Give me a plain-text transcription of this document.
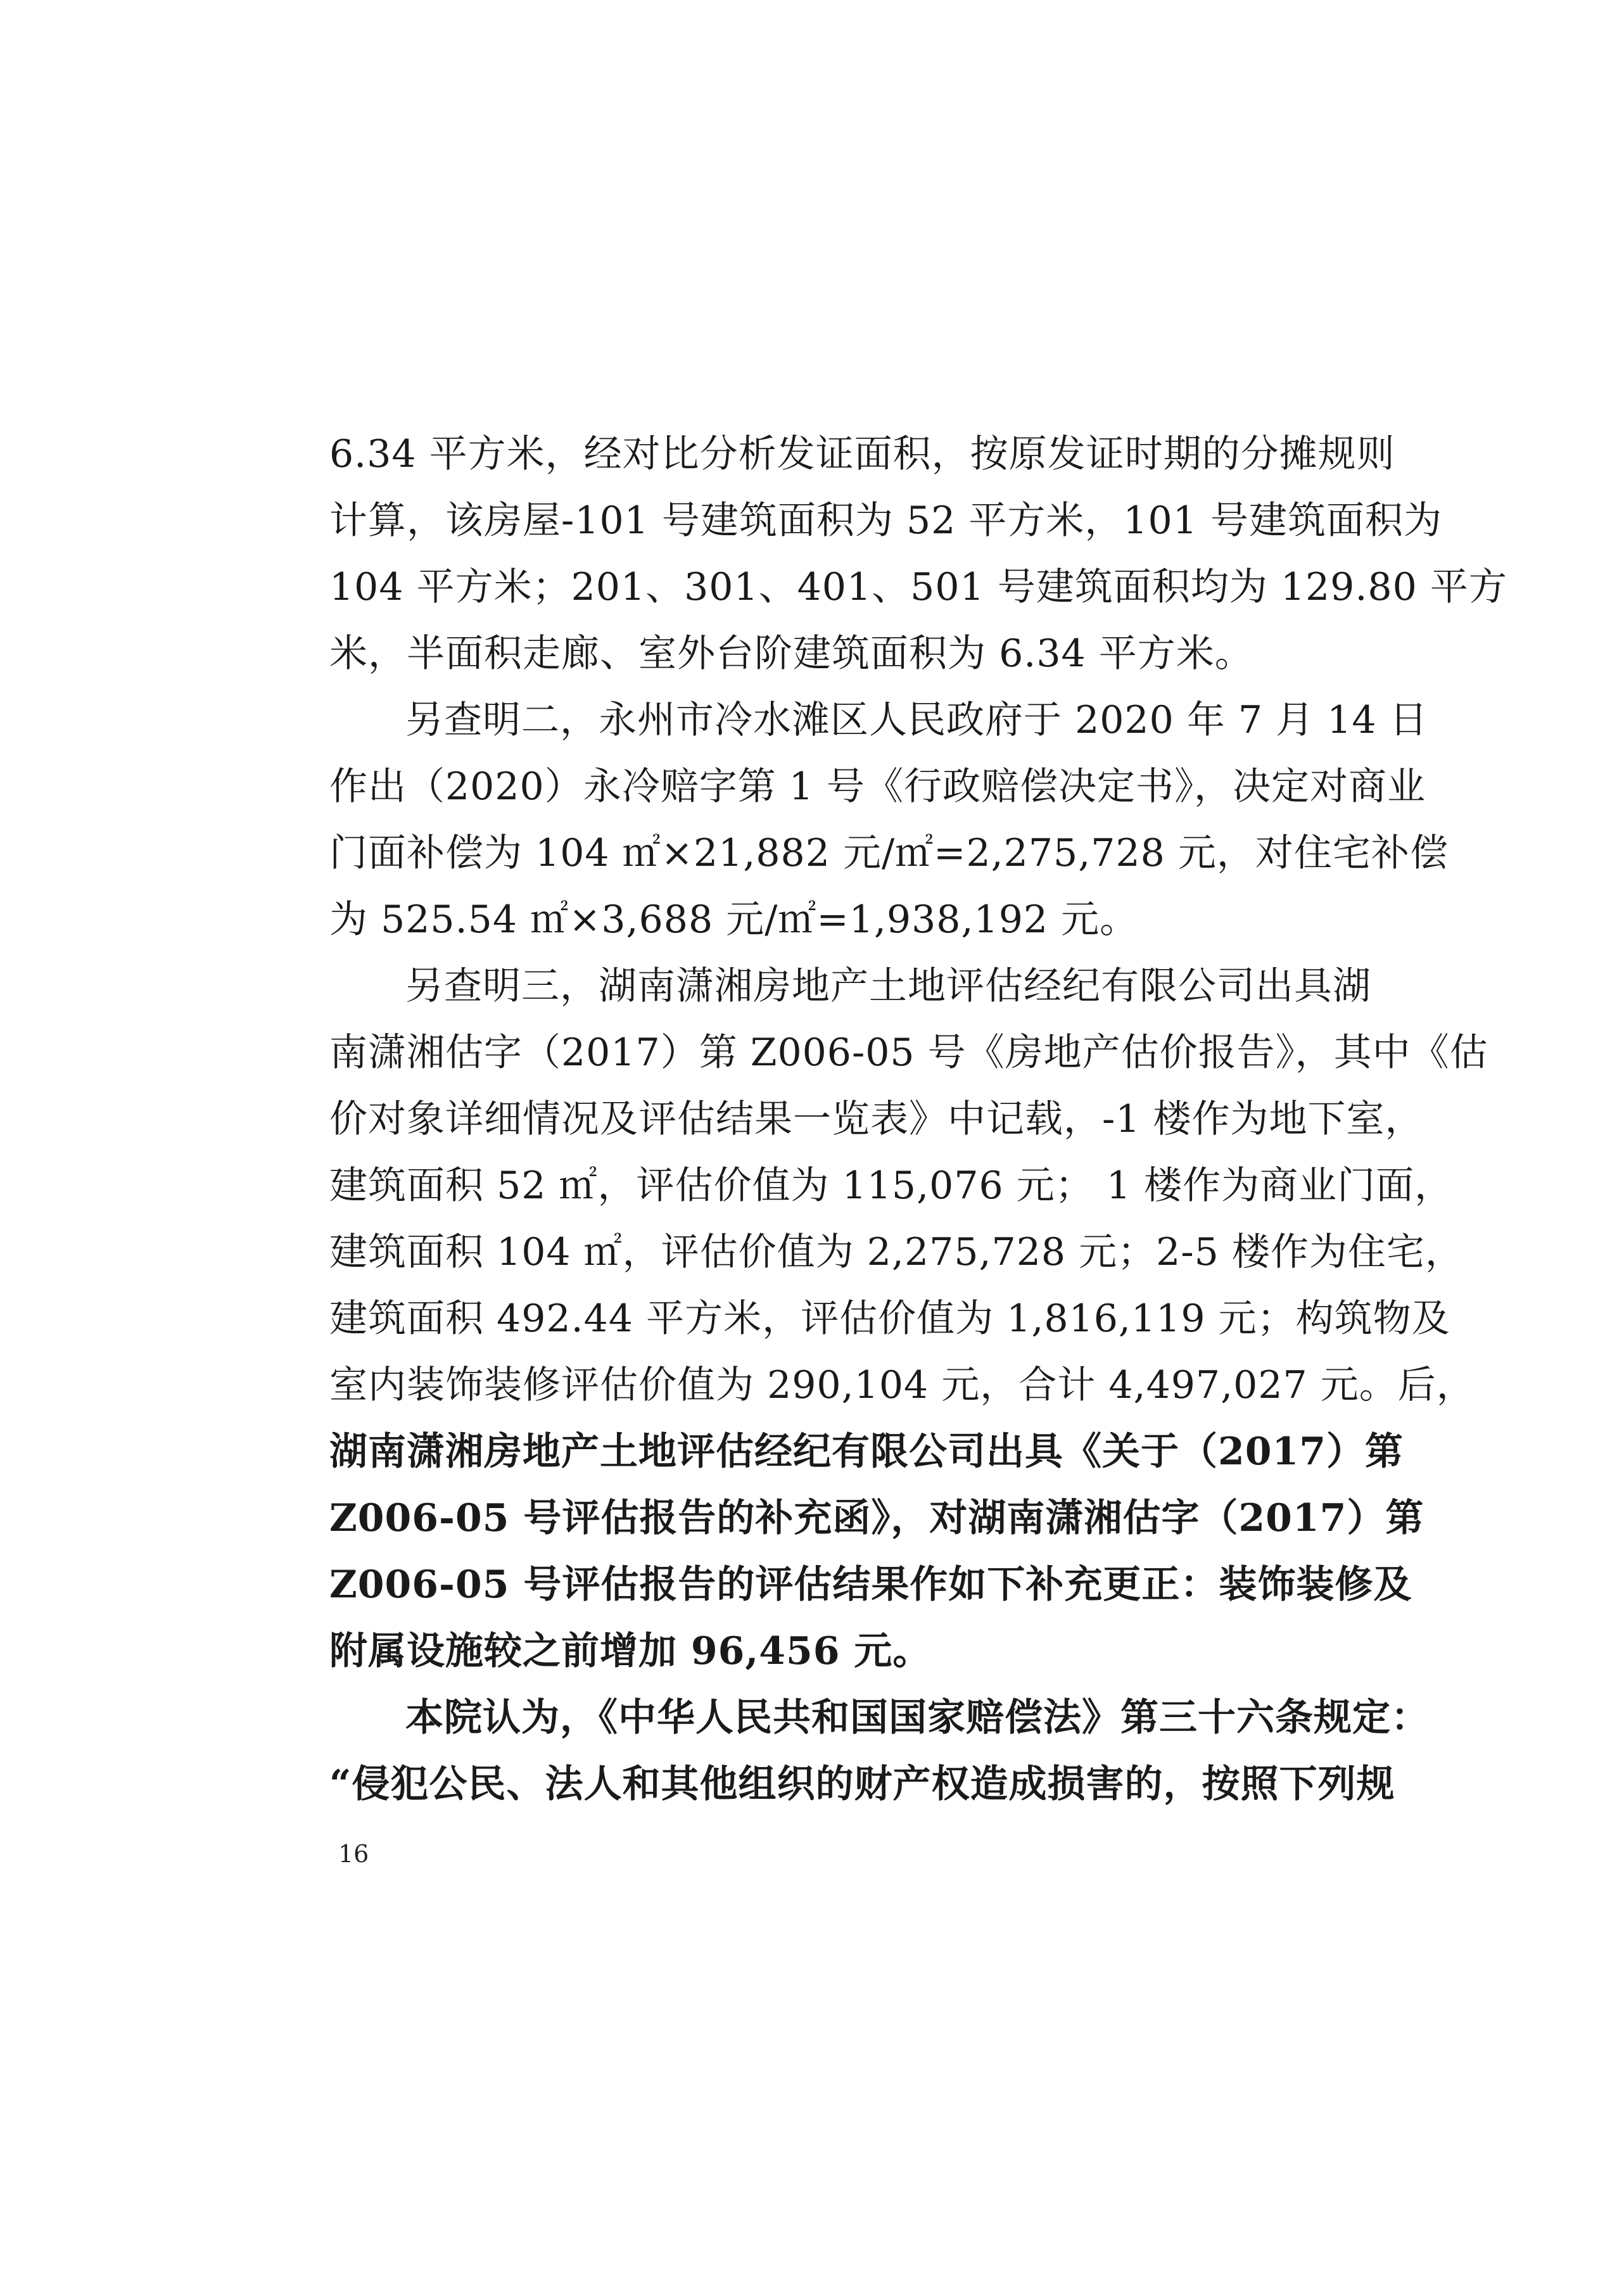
6.34 平方米，经对比分析发证面积，按原发证时期的分摊规则
计算，该房屋-101 号建筑面积为 52 平方米，101 号建筑面积为
104 平方米；201、301、401、501 号建筑面积均为 129.80 平方
米，半面积走廊、室外台阶建筑面积为 6.34 平方米。
另查明二，永州市冷水滩区人民政府于 2020 年 7 月 14 日
作出（2020）永冷赔字第 1 号《行政赔偿决定书》，决定对商业
门面补偿为 104 ㎡×21,882 元/㎡=2,275,728 元，对住宅补偿
为 525.54 ㎡×3,688 元/㎡=1,938,192 元。
另查明三，湖南潇湘房地产土地评估经纪有限公司出具湖
南潇湘估字（2017）第 Z006-05 号《房地产估价报告》，其中《估
价对象详细情况及评估结果一览表》中记载，-1 楼作为地下室，
建筑面积 52 ㎡，评估价值为 115,076 元； 1 楼作为商业门面，
建筑面积 104 ㎡，评估价值为 2,275,728 元；2-5 楼作为住宅，
建筑面积 492.44 平方米，评估价值为 1,816,119 元；构筑物及
室内装饰装修评估价值为 290,104 元，合计 4,497,027 元。后，
湖南潇湘房地产土地评估经纪有限公司出具《关于（2017）第
Z006-05 号评估报告的补充函》，对湖南潇湘估字（2017）第
Z006-05 号评估报告的评估结果作如下补充更正：装饰装修及
附属设施较之前增加 96,456 元。
本院认为，《中华人民共和国国家赔偿法》第三十六条规定：
“侵犯公民、法人和其他组织的财产权造成损害的，按照下列规
16
